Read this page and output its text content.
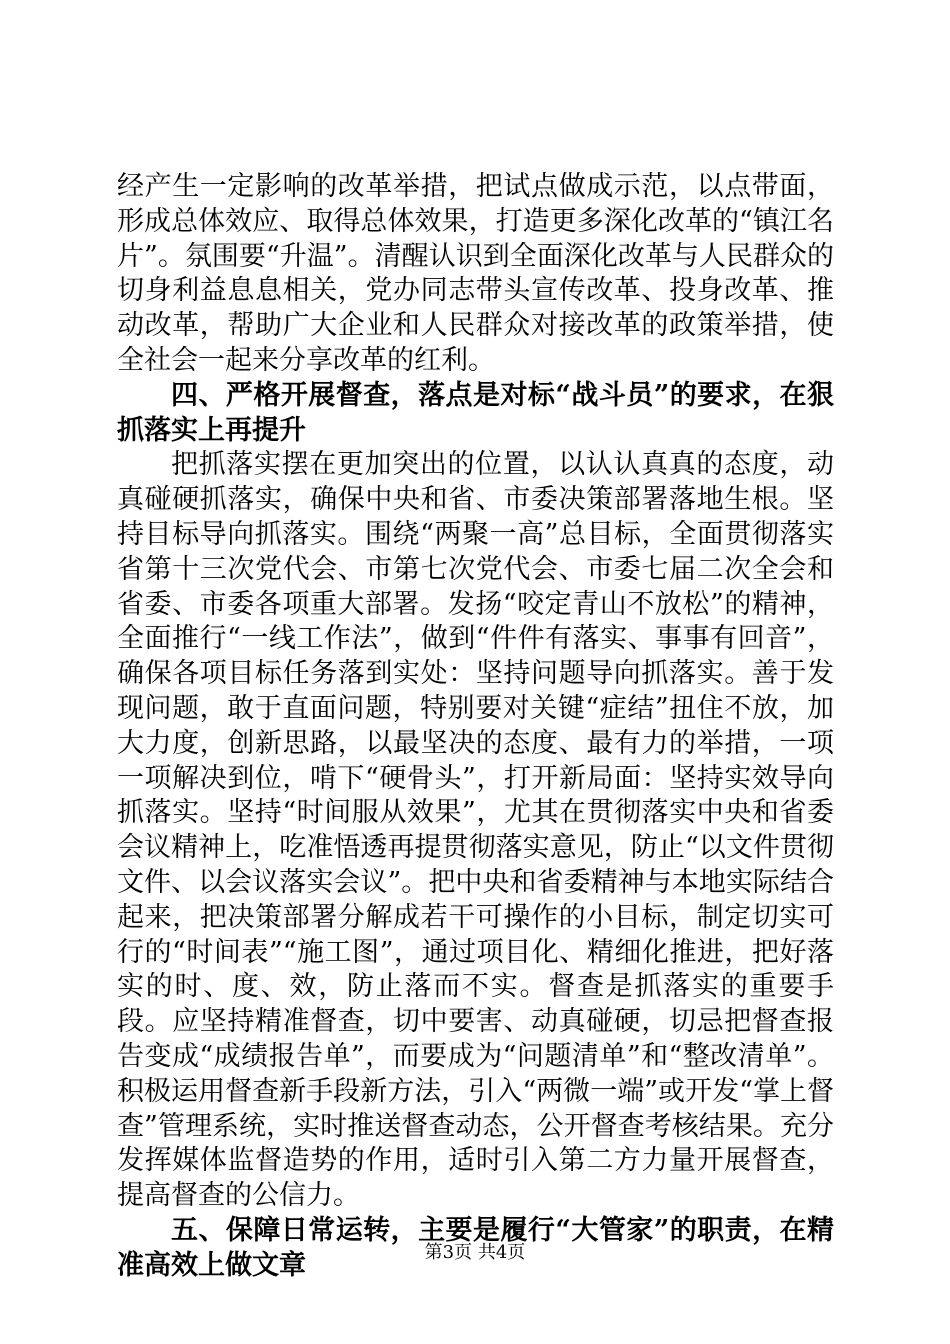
经产生一定影响的改革举措，把试点做成示范，以点带面，形成总体效应、取得总体效果，打造更多深化改革的“镇江名片”。氛围要“升温”。清醒认识到全面深化改革与人民群众的切身利益息息相关，党办同志带头宣传改革、投身改革、推动改革，帮助广大企业和人民群众对接改革的政策举措，使全社会一起来分享改革的红利。

四、严格开展督查，落点是对标“战斗员”的要求，在狠抓落实上再提升

把抓落实摆在更加突出的位置，以认认真真的态度，动真碰硬抓落实，确保中央和省、市委决策部署落地生根。坚持目标导向抓落实。围绕“两聚一高”总目标，全面贯彻落实省第十三次党代会、市第七次党代会、市委七届二次全会和省委、市委各项重大部署。发扬“咬定青山不放松”的精神，全面推行“一线工作法”，做到“件件有落实、事事有回音”，确保各项目标任务落到实处：坚持问题导向抓落实。善于发现问题，敢于直面问题，特别要对关键“症结”扭住不放，加大力度，创新思路，以最坚决的态度、最有力的举措，一项一项解决到位，啃下“硬骨头”，打开新局面：坚持实效导向抓落实。坚持“时间服从效果”，尤其在贯彻落实中央和省委会议精神上，吃准悟透再提贯彻落实意见，防止“以文件贯彻文件、以会议落实会议”。把中央和省委精神与本地实际结合起来，把决策部署分解成若干可操作的小目标，制定切实可行的“时间表”“施工图”，通过项目化、精细化推进，把好落实的时、度、效，防止落而不实。督查是抓落实的重要手段。应坚持精准督查，切中要害、动真碰硬，切忌把督查报告变成“成绩报告单”，而要成为“问题清单”和“整改清单”。积极运用督查新手段新方法，引入“两微一端”或开发“掌上督查”管理系统，实时推送督查动态，公开督查考核结果。充分发挥媒体监督造势的作用，适时引入第二方力量开展督查，提高督查的公信力。

五、保障日常运转，主要是履行“大管家”的职责，在精准高效上做文章	第3页 共4页
